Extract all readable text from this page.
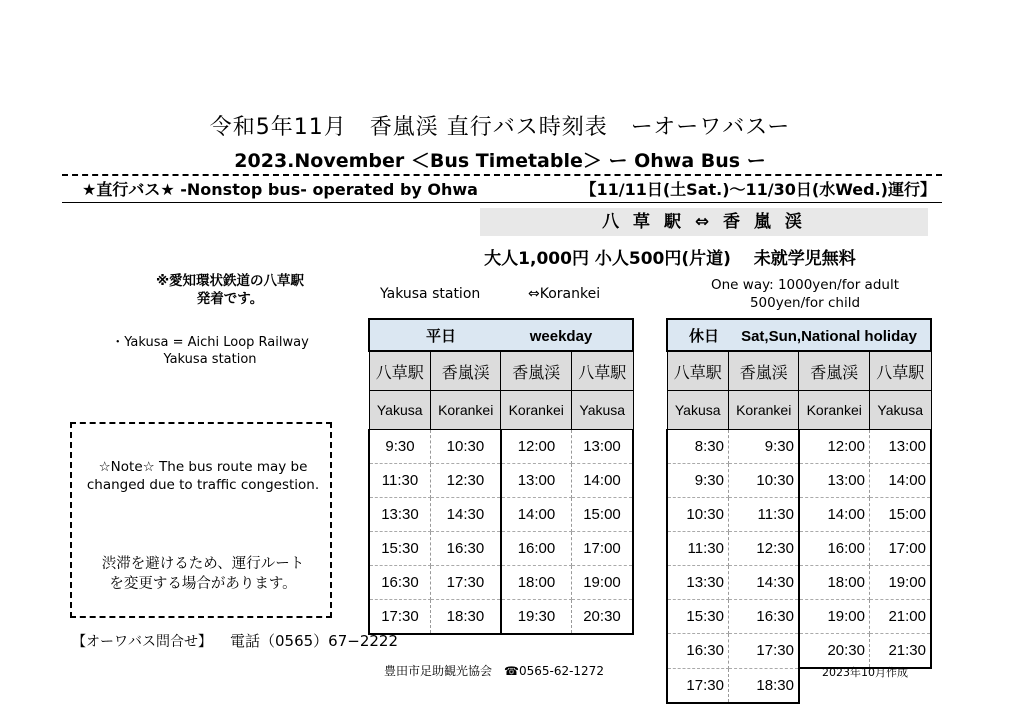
令和5年11月　香嵐渓 直行バス時刻表　ーオーワバスー
2023.November ＜Bus Timetable＞ ー Ohwa Bus ー
★直行バス★ -Nonstop bus- operated by Ohwa	【11/11日(土Sat.)～11/30日(水Wed.)運行】
八 草 駅 ⇔ 香 嵐 渓
大人1,000円 小人500円(片道)　 未就学児無料
※愛知環状鉄道の八草駅
発着です。
・Yakusa = Aichi Loop Railway
Yakusa station
Yakusa station	⇔Korankei
One way: 1000yen/for adult
500yen/for child
☆Note☆ The bus route may be
changed due to traffic congestion.
渋滞を避けるため、運行ルート
を変更する場合があります。
平日 weekday			
八草駅	香嵐渓	香嵐渓	八草駅
Yakusa	Korankei	Korankei	Yakusa
9:30	10:30	12:00	13:00
11:30	12:30	13:00	14:00
13:30	14:30	14:00	15:00
15:30	16:30	16:00	17:00
16:30	17:30	18:00	19:00
17:30	18:30	19:30	20:30
休日 Sat,Sun,National holiday			
八草駅	香嵐渓	香嵐渓	八草駅
Yakusa	Korankei	Korankei	Yakusa
8:30	9:30	12:00	13:00
9:30	10:30	13:00	14:00
10:30	11:30	14:00	15:00
11:30	12:30	16:00	17:00
13:30	14:30	18:00	19:00
15:30	16:30	19:00	21:00
16:30	17:30	20:30	21:30
17:30	18:30		
【オーワバス問合せ】 電話（0565）67−2222
豊田市足助観光協会　☎0565-62-1272	2023年10月作成
